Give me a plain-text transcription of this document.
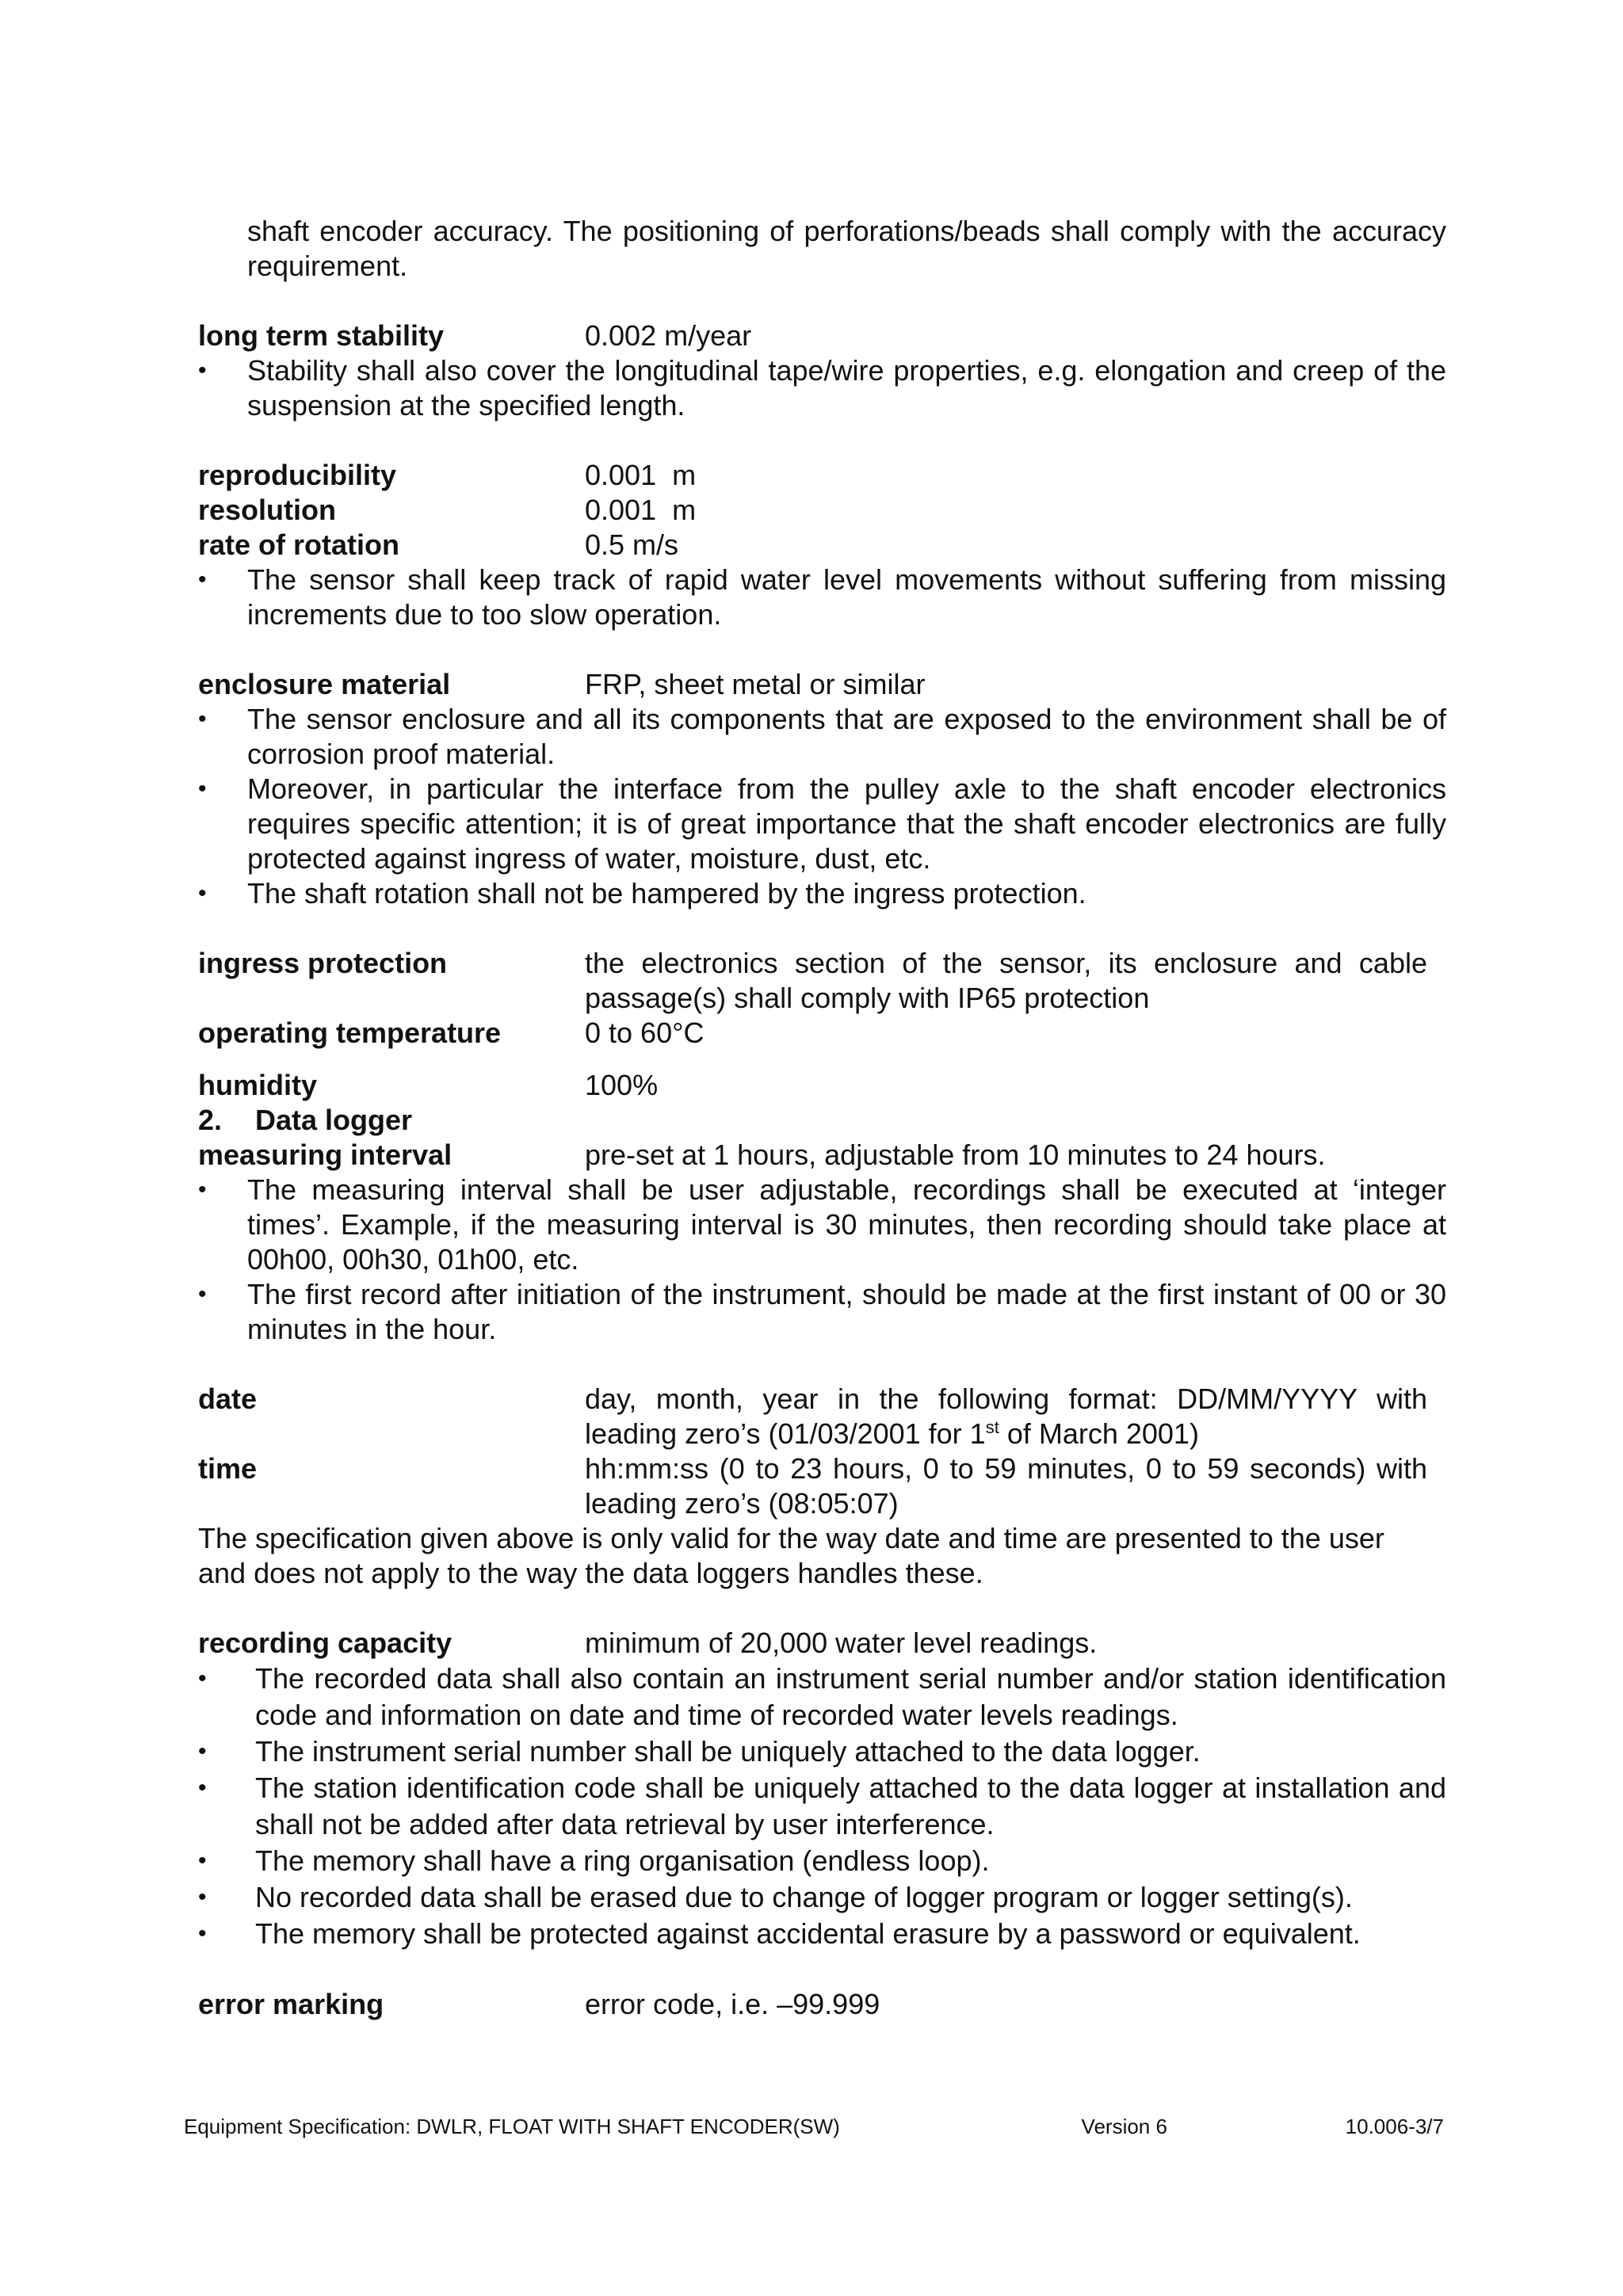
shaft encoder accuracy. The positioning of perforations/beads shall comply with the accuracy requirement.
long term stability	0.002 m/year
• Stability shall also cover the longitudinal tape/wire properties, e.g. elongation and creep of the suspension at the specified length.
reproducibility	0.001  m
resolution	0.001  m
rate of rotation	0.5 m/s
• The sensor shall keep track of rapid water level movements without suffering from missing increments due to too slow operation.
enclosure material	FRP, sheet metal or similar
• The sensor enclosure and all its components that are exposed to the environment shall be of corrosion proof material.
• Moreover, in particular the interface from the pulley axle to the shaft encoder electronics requires specific attention; it is of great importance that the shaft encoder electronics are fully protected against ingress of water, moisture, dust, etc.
• The shaft rotation shall not be hampered by the ingress protection.
ingress protection	the electronics section of the sensor, its enclosure and cable passage(s) shall comply with IP65 protection
operating temperature	0 to 60°C
humidity	100%
2. Data logger
measuring interval	pre-set at 1 hours, adjustable from 10 minutes to 24 hours.
• The measuring interval shall be user adjustable, recordings shall be executed at ‘integer times’. Example, if the measuring interval is 30 minutes, then recording should take place at 00h00, 00h30, 01h00, etc.
• The first record after initiation of the instrument, should be made at the first instant of 00 or 30 minutes in the hour.
date	day, month, year in the following format: DD/MM/YYYY with leading zero’s (01/03/2001 for 1st of March 2001)
time	hh:mm:ss (0 to 23 hours, 0 to 59 minutes, 0 to 59 seconds) with leading zero’s (08:05:07)
The specification given above is only valid for the way date and time are presented to the user and does not apply to the way the data loggers handles these.
recording capacity	minimum of 20,000 water level readings.
• The recorded data shall also contain an instrument serial number and/or station identification code and information on date and time of recorded water levels readings.
• The instrument serial number shall be uniquely attached to the data logger.
• The station identification code shall be uniquely attached to the data logger at installation and shall not be added after data retrieval by user interference.
• The memory shall have a ring organisation (endless loop).
• No recorded data shall be erased due to change of logger program or logger setting(s).
• The memory shall be protected against accidental erasure by a password or equivalent.
error marking	error code, i.e. –99.999
Equipment Specification: DWLR, FLOAT WITH SHAFT ENCODER(SW)	Version 6	10.006-3/7
